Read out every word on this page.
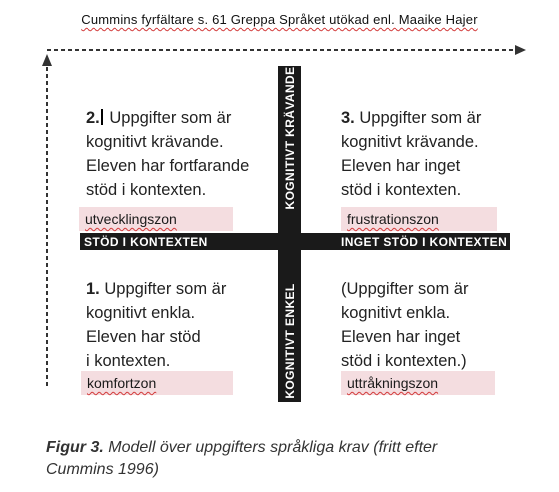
Cummins fyrfältare s. 61 Greppa Språket utökad enl. Maaike Hajer
KOGNITIVT KRÄVANDE
KOGNITIVT ENKEL
STÖD I KONTEXTEN	INGET STÖD I KONTEXTEN
2. Uppgifter som är
kognitivt krävande.
Eleven har fortfarande
stöd i kontexten.
utvecklingszon
3. Uppgifter som är
kognitivt krävande.
Eleven har inget
stöd i kontexten.
frustrationszon
1. Uppgifter som är
kognitivt enkla.
Eleven har stöd
i kontexten.
komfortzon
(Uppgifter som är
kognitivt enkla.
Eleven har inget
stöd i kontexten.)
uttråkningszon
Figur 3. Modell över uppgifters språkliga krav (fritt efter
Cummins 1996)
